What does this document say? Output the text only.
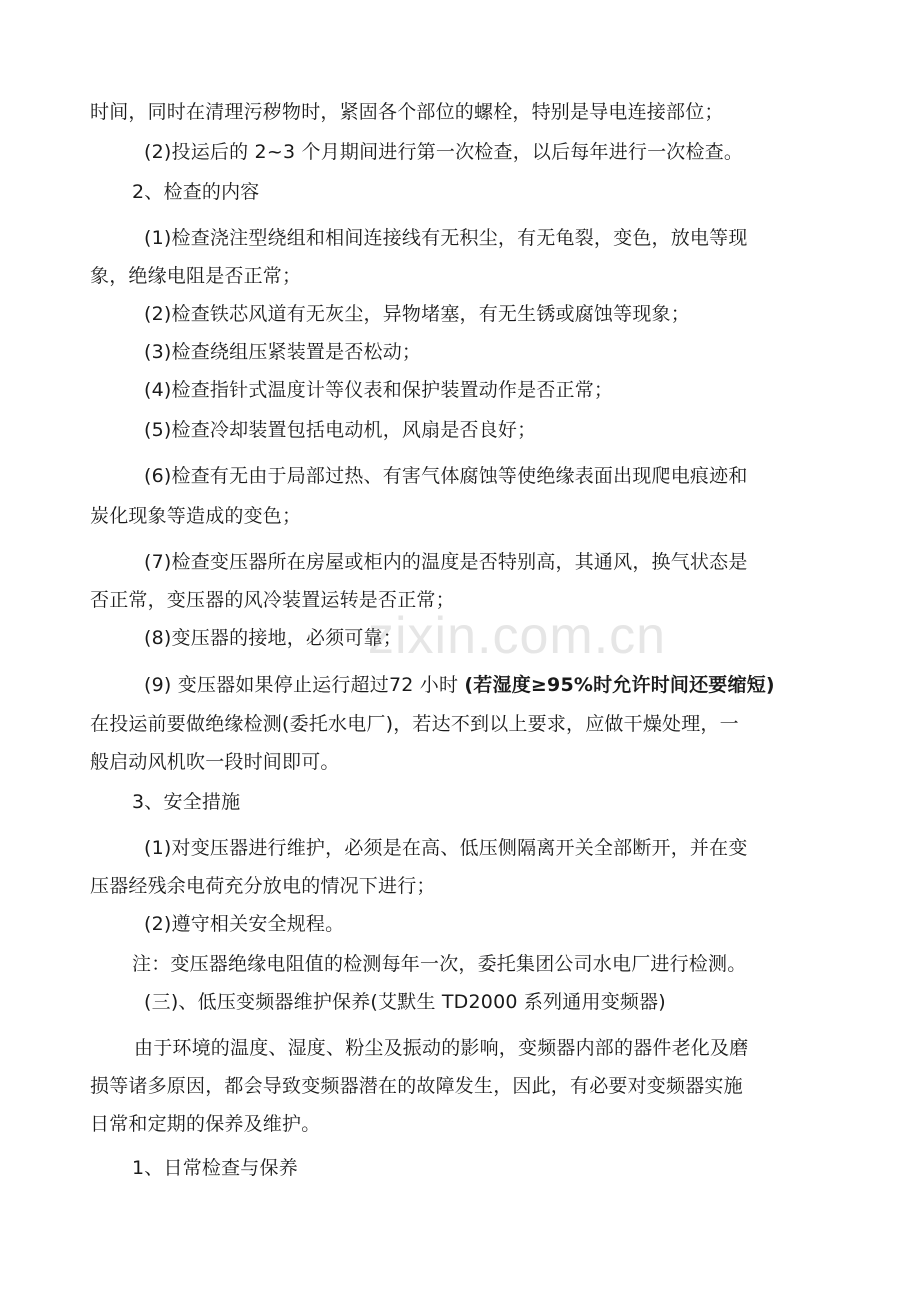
zixin.com.cn
时间，同时在清理污秽物时，紧固各个部位的螺栓，特别是导电连接部位；
(2)投运后的 2~3 个月期间进行第一次检查，以后每年进行一次检查。
2、检查的内容
(1)检查浇注型绕组和相间连接线有无积尘，有无龟裂，变色，放电等现
象，绝缘电阻是否正常；
(2)检查铁芯风道有无灰尘，异物堵塞，有无生锈或腐蚀等现象；
(3)检查绕组压紧装置是否松动；
(4)检查指针式温度计等仪表和保护装置动作是否正常；
(5)检查冷却装置包括电动机，风扇是否良好；
(6)检查有无由于局部过热、有害气体腐蚀等使绝缘表面出现爬电痕迹和
炭化现象等造成的变色；
(7)检查变压器所在房屋或柜内的温度是否特别高，其通风，换气状态是
否正常，变压器的风冷装置运转是否正常；
(8)变压器的接地，必须可靠；
(9) 变压器如果停止运行超过72 小时 (若湿度≥95%时允许时间还要缩短)
在投运前要做绝缘检测(委托水电厂)，若达不到以上要求，应做干燥处理，一
般启动风机吹一段时间即可。
3、安全措施
(1)对变压器进行维护，必须是在高、低压侧隔离开关全部断开，并在变
压器经残余电荷充分放电的情况下进行；
(2)遵守相关安全规程。
注：变压器绝缘电阻值的检测每年一次，委托集团公司水电厂进行检测。
(三)、低压变频器维护保养(艾默生 TD2000 系列通用变频器)
由于环境的温度、湿度、粉尘及振动的影响，变频器内部的器件老化及磨
损等诸多原因，都会导致变频器潜在的故障发生，因此，有必要对变频器实施
日常和定期的保养及维护。
1、日常检查与保养
